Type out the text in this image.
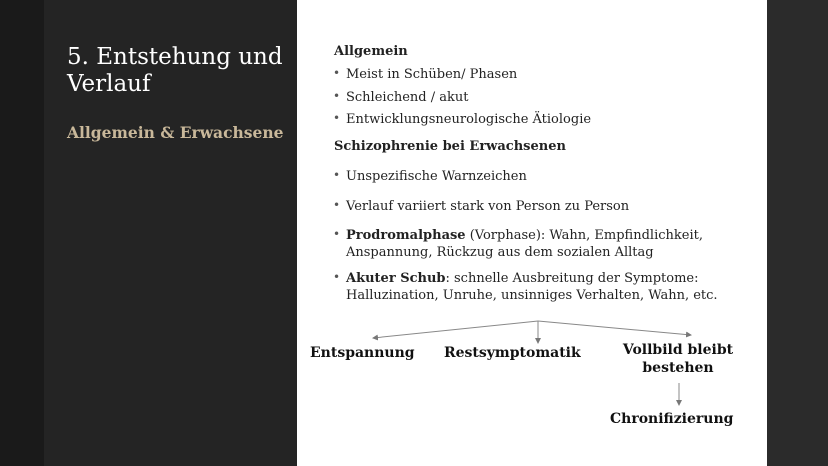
5. Entstehung und Verlauf
Allgemein & Erwachsene
Allgemein
• Meist in Schüben/ Phasen
• Schleichend / akut
• Entwicklungsneurologische Ätiologie
Schizophrenie bei Erwachsenen
• Unspezifische Warnzeichen
• Verlauf variiert stark von Person zu Person
• Prodromalphase (Vorphase): Wahn, Empfindlichkeit,
Anspannung, Rückzug aus dem sozialen Alltag
• Akuter Schub: schnelle Ausbreitung der Symptome:
Halluzination, Unruhe, unsinniges Verhalten, Wahn, etc.
Entspannung Restsymptomatik	Vollbild bleibt
bestehen
Chronifizierung
